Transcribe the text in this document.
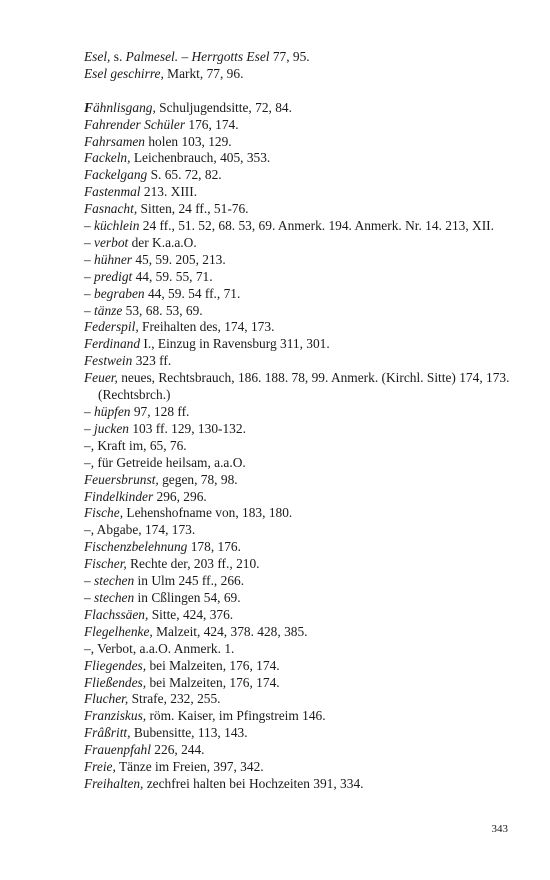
Esel, s. Palmesel. – Herrgotts Esel 77, 95.
Esel geschirre, Markt, 77, 96.
Fähnlisgang, Schuljugendsitte, 72, 84.
Fahrender Schüler 176, 174.
Fahrsamen holen 103, 129.
Fackeln, Leichenbrauch, 405, 353.
Fackelgang S. 65. 72, 82.
Fastenmal 213. XIII.
Fasnacht, Sitten, 24 ff., 51-76.
– küchlein 24 ff., 51. 52, 68. 53, 69. Anmerk. 194. Anmerk. Nr. 14. 213, XII.
– verbot der K.a.a.O.
– hühner 45, 59. 205, 213.
– predigt 44, 59. 55, 71.
– begraben 44, 59. 54 ff., 71.
– tänze 53, 68. 53, 69.
Federspil, Freihalten des, 174, 173.
Ferdinand I., Einzug in Ravensburg 311, 301.
Festwein 323 ff.
Feuer, neues, Rechtsbrauch, 186. 188. 78, 99. Anmerk. (Kirchl. Sitte) 174, 173. (Rechtsbrch.)
– hüpfen 97, 128 ff.
– jucken 103 ff. 129, 130-132.
–, Kraft im, 65, 76.
–, für Getreide heilsam, a.a.O.
Feuersbrunst, gegen, 78, 98.
Findelkinder 296, 296.
Fische, Lehenshofname von, 183, 180.
–, Abgabe, 174, 173.
Fischenzbelehnung 178, 176.
Fischer, Rechte der, 203 ff., 210.
– stechen in Ulm 245 ff., 266.
– stechen in Cßlingen 54, 69.
Flachssäen, Sitte, 424, 376.
Flegelhenke, Malzeit, 424, 378. 428, 385.
–, Verbot, a.a.O. Anmerk. 1.
Fliegendes, bei Malzeiten, 176, 174.
Fließendes, bei Malzeiten, 176, 174.
Flucher, Strafe, 232, 255.
Franziskus, röm. Kaiser, im Pfingstreim 146.
Frâßritt, Bubensitte, 113, 143.
Frauenpfahl 226, 244.
Freie, Tänze im Freien, 397, 342.
Freihalten, zechfrei halten bei Hochzeiten 391, 334.
343
